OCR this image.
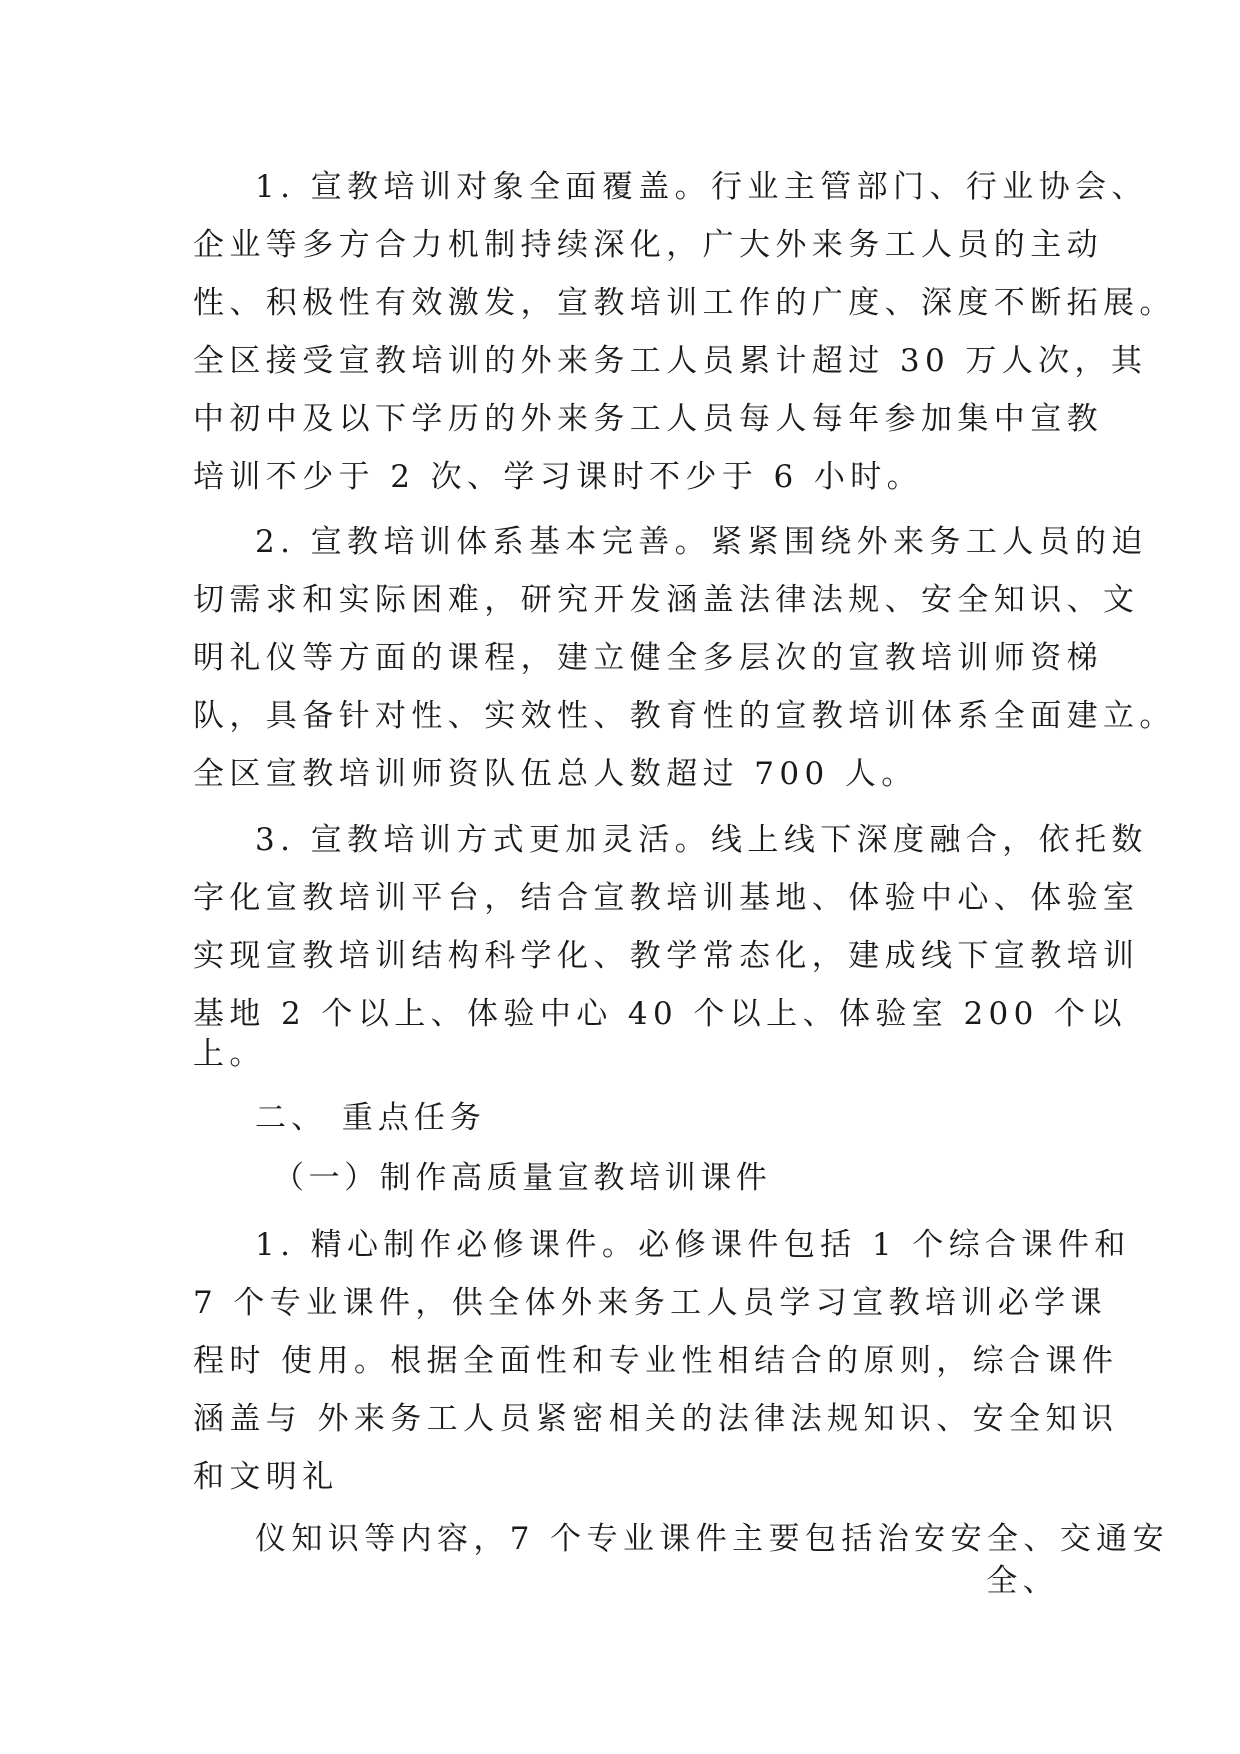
1. 宣教培训对象全面覆盖。行业主管部门、行业协会、

企业等多方合力机制持续深化，广大外来务工人员的主动

性、积极性有效激发，宣教培训工作的广度、深度不断拓展。

全区接受宣教培训的外来务工人员累计超过 30 万人次，其

中初中及以下学历的外来务工人员每人每年参加集中宣教

培训不少于 2 次、学习课时不少于 6 小时。

2. 宣教培训体系基本完善。紧紧围绕外来务工人员的迫

切需求和实际困难，研究开发涵盖法律法规、安全知识、文

明礼仪等方面的课程，建立健全多层次的宣教培训师资梯

队，具备针对性、实效性、教育性的宣教培训体系全面建立。

全区宣教培训师资队伍总人数超过 700 人。

3. 宣教培训方式更加灵活。线上线下深度融合，依托数

字化宣教培训平台，结合宣教培训基地、体验中心、体验室

实现宣教培训结构科学化、教学常态化，建成线下宣教培训

基地 2 个以上、体验中心 40 个以上、体验室 200 个以

上。

二、 重点任务

（一）制作高质量宣教培训课件

1. 精心制作必修课件。必修课件包括 1 个综合课件和

7 个专业课件，供全体外来务工人员学习宣教培训必学课

程时 使用。根据全面性和专业性相结合的原则，综合课件

涵盖与 外来务工人员紧密相关的法律法规知识、安全知识

和文明礼

仪知识等内容，7 个专业课件主要包括治安安全、交通安

全、
